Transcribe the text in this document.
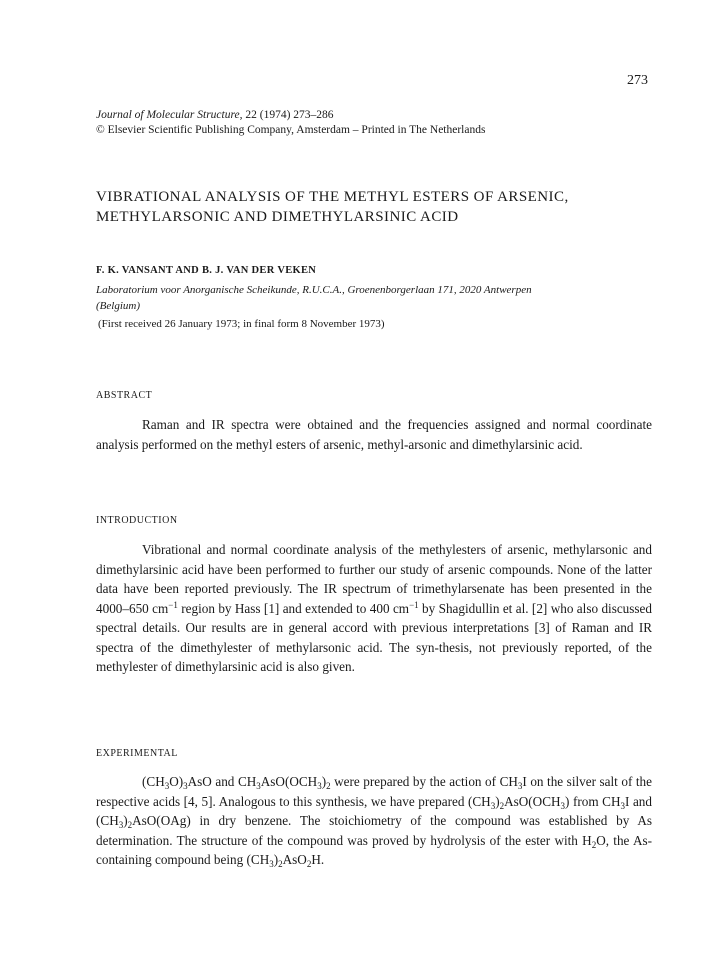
273
Journal of Molecular Structure, 22 (1974) 273–286
© Elsevier Scientific Publishing Company, Amsterdam – Printed in The Netherlands
VIBRATIONAL ANALYSIS OF THE METHYL ESTERS OF ARSENIC,
METHYLARSONIC AND DIMETHYLARSINIC ACID
F. K. VANSANT AND B. J. VAN DER VEKEN
Laboratorium voor Anorganische Scheikunde, R.U.C.A., Groenenborgerlaan 171, 2020 Antwerpen
(Belgium)
(First received 26 January 1973; in final form 8 November 1973)
ABSTRACT

Raman and IR spectra were obtained and the frequencies assigned and normal coordinate analysis performed on the methyl esters of arsenic, methyl-arsonic and dimethylarsinic acid.

INTRODUCTION

Vibrational and normal coordinate analysis of the methylesters of arsenic, methylarsonic and dimethylarsinic acid have been performed to further our study of arsenic compounds. None of the latter data have been reported previously. The IR spectrum of trimethylarsenate has been presented in the 4000–650 $cm^{-1}$ region by Hass [1] and extended to 400 $cm^{-1}$ by Shagidullin et al. [2] who also discussed spectral details. Our results are in general accord with previous interpretations [3] of Raman and IR spectra of the dimethylester of methylarsonic acid. The syn-thesis, not previously reported, of the methylester of dimethylarsinic acid is also given.

EXPERIMENTAL

$(CH_3O)_3AsO$ and $CH_3AsO(OCH_3)_2$ were prepared by the action of $CH_3I$ on the silver salt of the respective acids [4, 5]. Analogous to this synthesis, we have prepared $(CH_3)_2AsO(OCH_3)$ from $CH_3I$ and $(CH_3)_2AsO(OAg)$ in dry benzene. The stoichiometry of the compound was established by As determination. The structure of the compound was proved by hydrolysis of the ester with $H_2O$, the As-containing compound being $(CH_3)_2AsO_2H$.
